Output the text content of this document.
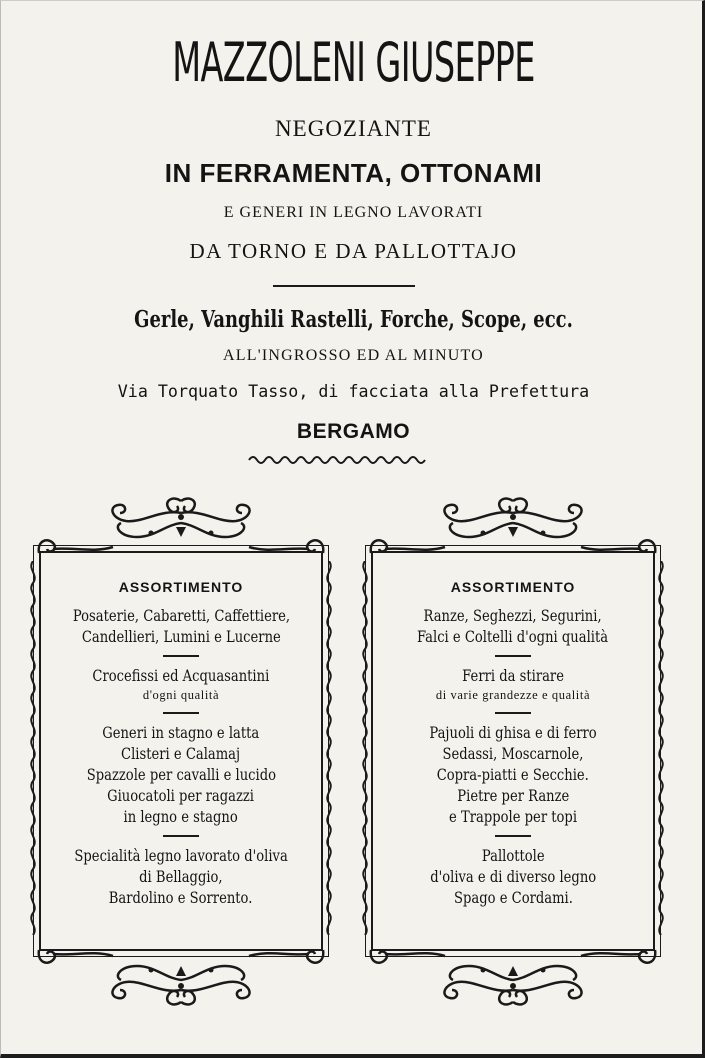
MAZZOLENI GIUSEPPE
NEGOZIANTE
IN FERRAMENTA, OTTONAMI
E GENERI IN LEGNO LAVORATI
DA TORNO E DA PALLOTTAJO
Gerle, Vanghili Rastelli, Forche, Scope, ecc.
ALL'INGROSSO ED AL MINUTO
Via Torquato Tasso, di facciata alla Prefettura
BERGAMO
ASSORTIMENTO
Posaterie, Cabaretti, Caffettiere,
Candellieri, Lumini e Lucerne
Crocefissi ed Acquasantini
d'ogni qualità
Generi in stagno e latta
Clisteri e Calamaj
Spazzole per cavalli e lucido
Giuocatoli per ragazzi
in legno e stagno
Specialità legno lavorato d'oliva
di Bellaggio,
Bardolino e Sorrento.
ASSORTIMENTO
Ranze, Seghezzi, Segurini,
Falci e Coltelli d'ogni qualità
Ferri da stirare
di varie grandezze e qualità
Pajuoli di ghisa e di ferro
Sedassi, Moscarnole,
Copra-piatti e Secchie.
Pietre per Ranze
e Trappole per topi
Pallottole
d'oliva e di diverso legno
Spago e Cordami.
